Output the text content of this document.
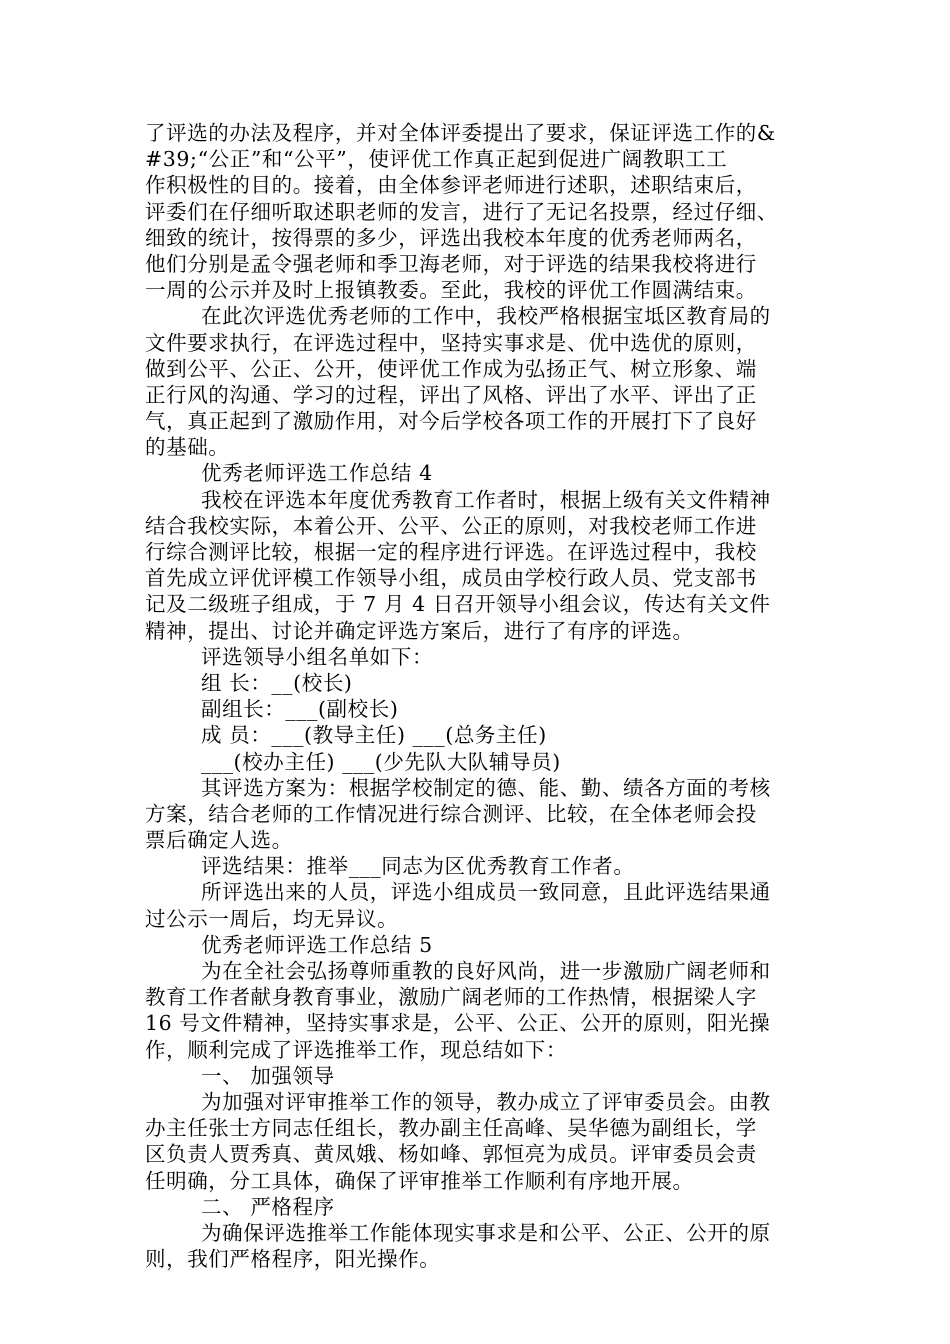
了评选的办法及程序，并对全体评委提出了要求，保证评选工作的&
#39;“公正”和“公平”，使评优工作真正起到促进广阔教职工工
作积极性的目的。接着，由全体参评老师进行述职，述职结束后，
评委们在仔细听取述职老师的发言，进行了无记名投票，经过仔细、
细致的统计，按得票的多少，评选出我校本年度的优秀老师两名，
他们分别是孟令强老师和季卫海老师，对于评选的结果我校将进行
一周的公示并及时上报镇教委。至此，我校的评优工作圆满结束。
在此次评选优秀老师的工作中，我校严格根据宝坻区教育局的
文件要求执行，在评选过程中，坚持实事求是、优中选优的原则，
做到公平、公正、公开，使评优工作成为弘扬正气、树立形象、端
正行风的沟通、学习的过程，评出了风格、评出了水平、评出了正
气，真正起到了激励作用，对今后学校各项工作的开展打下了良好
的基础。
优秀老师评选工作总结 4
我校在评选本年度优秀教育工作者时，根据上级有关文件精神
结合我校实际，本着公开、公平、公正的原则，对我校老师工作进
行综合测评比较，根据一定的程序进行评选。在评选过程中，我校
首先成立评优评模工作领导小组，成员由学校行政人员、党支部书
记及二级班子组成，于 7 月 4 日召开领导小组会议，传达有关文件
精神，提出、讨论并确定评选方案后，进行了有序的评选。
评选领导小组名单如下：
组 长：__(校长)
副组长：___(副校长)
成 员：___(教导主任) ___(总务主任)
___(校办主任) ___(少先队大队辅导员)
其评选方案为：根据学校制定的德、能、勤、绩各方面的考核
方案，结合老师的工作情况进行综合测评、比较，在全体老师会投
票后确定人选。
评选结果：推举___同志为区优秀教育工作者。
所评选出来的人员，评选小组成员一致同意，且此评选结果通
过公示一周后，均无异议。
优秀老师评选工作总结 5
为在全社会弘扬尊师重教的良好风尚，进一步激励广阔老师和
教育工作者献身教育事业，激励广阔老师的工作热情，根据梁人字
16 号文件精神，坚持实事求是，公平、公正、公开的原则，阳光操
作，顺利完成了评选推举工作，现总结如下：
一、 加强领导
为加强对评审推举工作的领导，教办成立了评审委员会。由教
办主任张士方同志任组长，教办副主任高峰、吴华德为副组长，学
区负责人贾秀真、黄凤娥、杨如峰、郭恒亮为成员。评审委员会责
任明确，分工具体，确保了评审推举工作顺利有序地开展。
二、 严格程序
为确保评选推举工作能体现实事求是和公平、公正、公开的原
则，我们严格程序，阳光操作。
